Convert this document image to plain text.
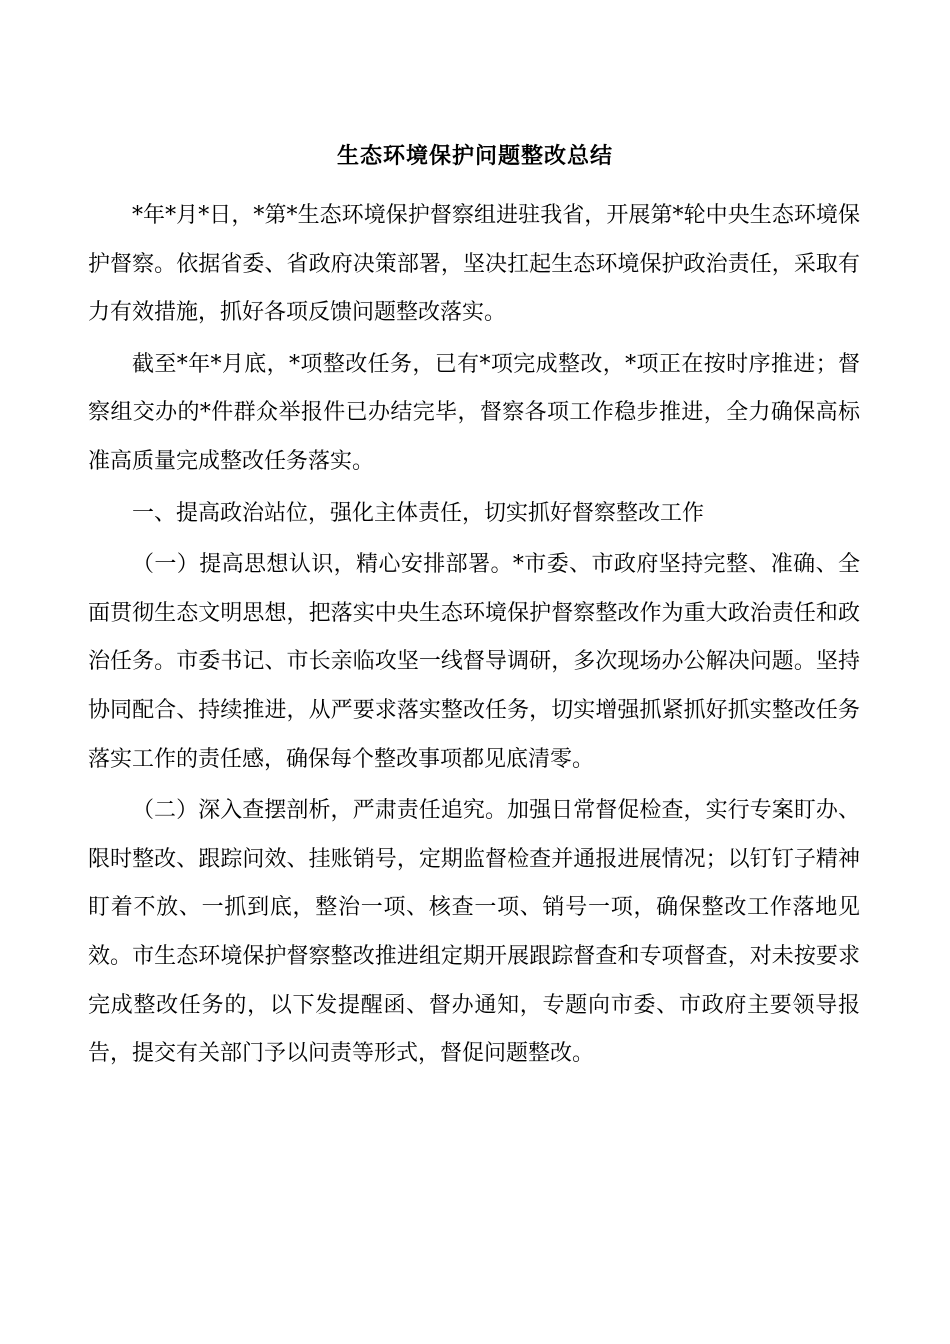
生态环境保护问题整改总结

*年*月*日，*第*生态环境保护督察组进驻我省，开展第*轮中央生态环境保护督察。依据省委、省政府决策部署，坚决扛起生态环境保护政治责任，采取有力有效措施，抓好各项反馈问题整改落实。

截至*年*月底，*项整改任务，已有*项完成整改，*项正在按时序推进；督察组交办的*件群众举报件已办结完毕，督察各项工作稳步推进，全力确保高标准高质量完成整改任务落实。

一、提高政治站位，强化主体责任，切实抓好督察整改工作

（一）提高思想认识，精心安排部署。*市委、市政府坚持完整、准确、全面贯彻生态文明思想，把落实中央生态环境保护督察整改作为重大政治责任和政治任务。市委书记、市长亲临攻坚一线督导调研，多次现场办公解决问题。坚持协同配合、持续推进，从严要求落实整改任务，切实增强抓紧抓好抓实整改任务落实工作的责任感，确保每个整改事项都见底清零。

（二）深入查摆剖析，严肃责任追究。加强日常督促检查，实行专案盯办、限时整改、跟踪问效、挂账销号，定期监督检查并通报进展情况；以钉钉子精神盯着不放、一抓到底，整治一项、核查一项、销号一项，确保整改工作落地见效。市生态环境保护督察整改推进组定期开展跟踪督查和专项督查，对未按要求完成整改任务的，以下发提醒函、督办通知，专题向市委、市政府主要领导报告，提交有关部门予以问责等形式，督促问题整改。
